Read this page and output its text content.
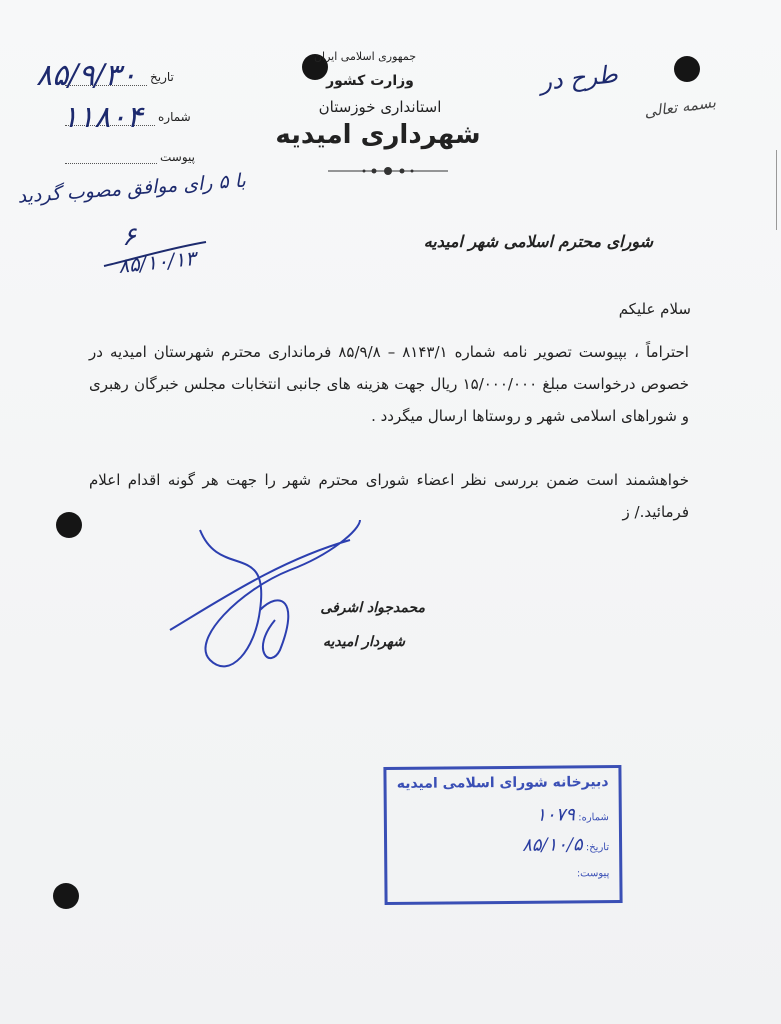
جمهوری اسلامی ایران
وزارت کشور
استانداری خوزستان
شهرداری امیدیه
بسمه تعالی
طرح در
تاریخ
شماره
پیوست
۸۵/۹/۳۰
۱۱۸۰۴
با ۵ رای موافق مصوب گردید
۶
۸۵/۱۰/۱۳
شورای محترم اسلامی شهر امیدیه
سلام علیکم
احتراماً ، بپیوست تصویر نامه شماره ۸۱۴۳/۱ – ۸۵/۹/۸ فرمانداری محترم شهرستان امیدیه در خصوص درخواست مبلغ ۱۵/۰۰۰/۰۰۰ ریال جهت هزینه های جانبی انتخابات مجلس خبرگان رهبری و شوراهای اسلامی شهر و روستاها ارسال میگردد .
خواهشمند است ضمن بررسی نظر اعضاء شورای محترم شهر را جهت هر گونه اقدام اعلام فرمائید./ ز
محمدجواد اشرفی
شهردار امیدیه
دبیرخانه شورای اسلامی امیدیه
شماره: ۱۰۷۹
تاریخ: ۸۵/۱۰/۵
پیوست:
